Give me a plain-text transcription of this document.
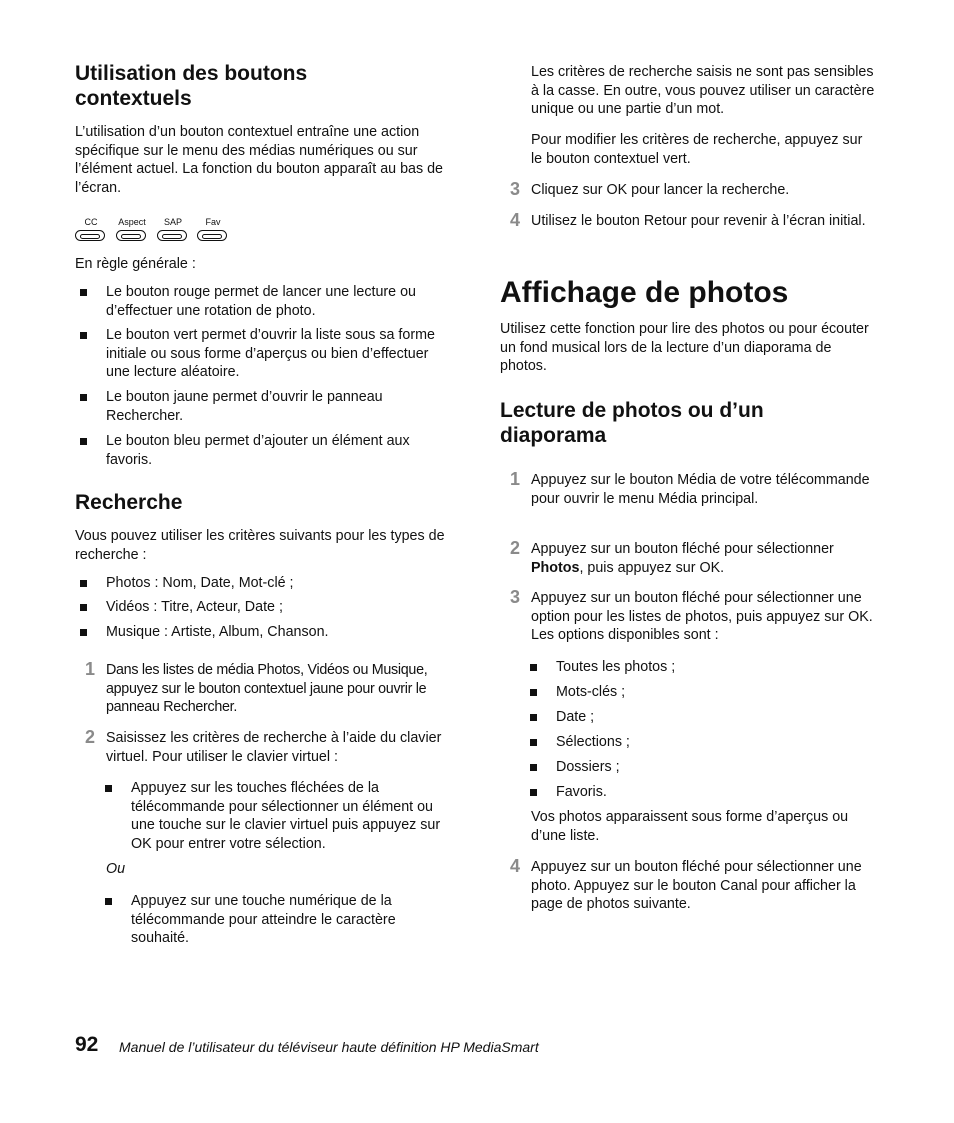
Utilisation des boutons contextuels

L’utilisation d’un bouton contextuel entraîne une action spécifique sur le menu des médias numériques ou sur l’élément actuel. La fonction du bouton apparaît au bas de l’écran.

CC	Aspect	SAP	Fav

En règle générale :

Le bouton rouge permet de lancer une lecture ou d’effectuer une rotation de photo.
Le bouton vert permet d’ouvrir la liste sous sa forme initiale ou sous forme d’aperçus ou bien d’effectuer une lecture aléatoire.
Le bouton jaune permet d’ouvrir le panneau Rechercher.
Le bouton bleu permet d’ajouter un élément aux favoris.
Recherche

Vous pouvez utiliser les critères suivants pour les types de recherche :

Photos : Nom, Date, Mot-clé ;
Vidéos : Titre, Acteur, Date ;
Musique : Artiste, Album, Chanson.
1 Dans les listes de média Photos, Vidéos ou Musique, appuyez sur le bouton contextuel jaune pour ouvrir le panneau Rechercher.
2 Saisissez les critères de recherche à l’aide du clavier virtuel. Pour utiliser le clavier virtuel :
Appuyez sur les touches fléchées de la télécommande pour sélectionner un élément ou une touche sur le clavier virtuel puis appuyez sur OK pour entrer votre sélection.

Ou

Appuyez sur une touche numérique de la télécommande pour atteindre le caractère souhaité.

Les critères de recherche saisis ne sont pas sensibles à la casse. En outre, vous pouvez utiliser un caractère unique ou une partie d’un mot.

Pour modifier les critères de recherche, appuyez sur le bouton contextuel vert.

3 Cliquez sur OK pour lancer la recherche.
4 Utilisez le bouton Retour pour revenir à l’écran initial.
Affichage de photos

Utilisez cette fonction pour lire des photos ou pour écouter un fond musical lors de la lecture d’un diaporama de photos.

Lecture de photos ou d’un diaporama
1 Appuyez sur le bouton Média de votre télécommande pour ouvrir le menu Média principal.
2 Appuyez sur un bouton fléché pour sélectionner Photos, puis appuyez sur OK.
3 Appuyez sur un bouton fléché pour sélectionner une option pour les listes de photos, puis appuyez sur OK. Les options disponibles sont :
Toutes les photos ;
Mots-clés ;
Date ;
Sélections ;
Dossiers ;
Favoris.

Vos photos apparaissent sous forme d’aperçus ou d’une liste.

4 Appuyez sur un bouton fléché pour sélectionner une photo. Appuyez sur le bouton Canal pour afficher la page de photos suivante.
92 Manuel de l’utilisateur du téléviseur haute définition HP MediaSmart
